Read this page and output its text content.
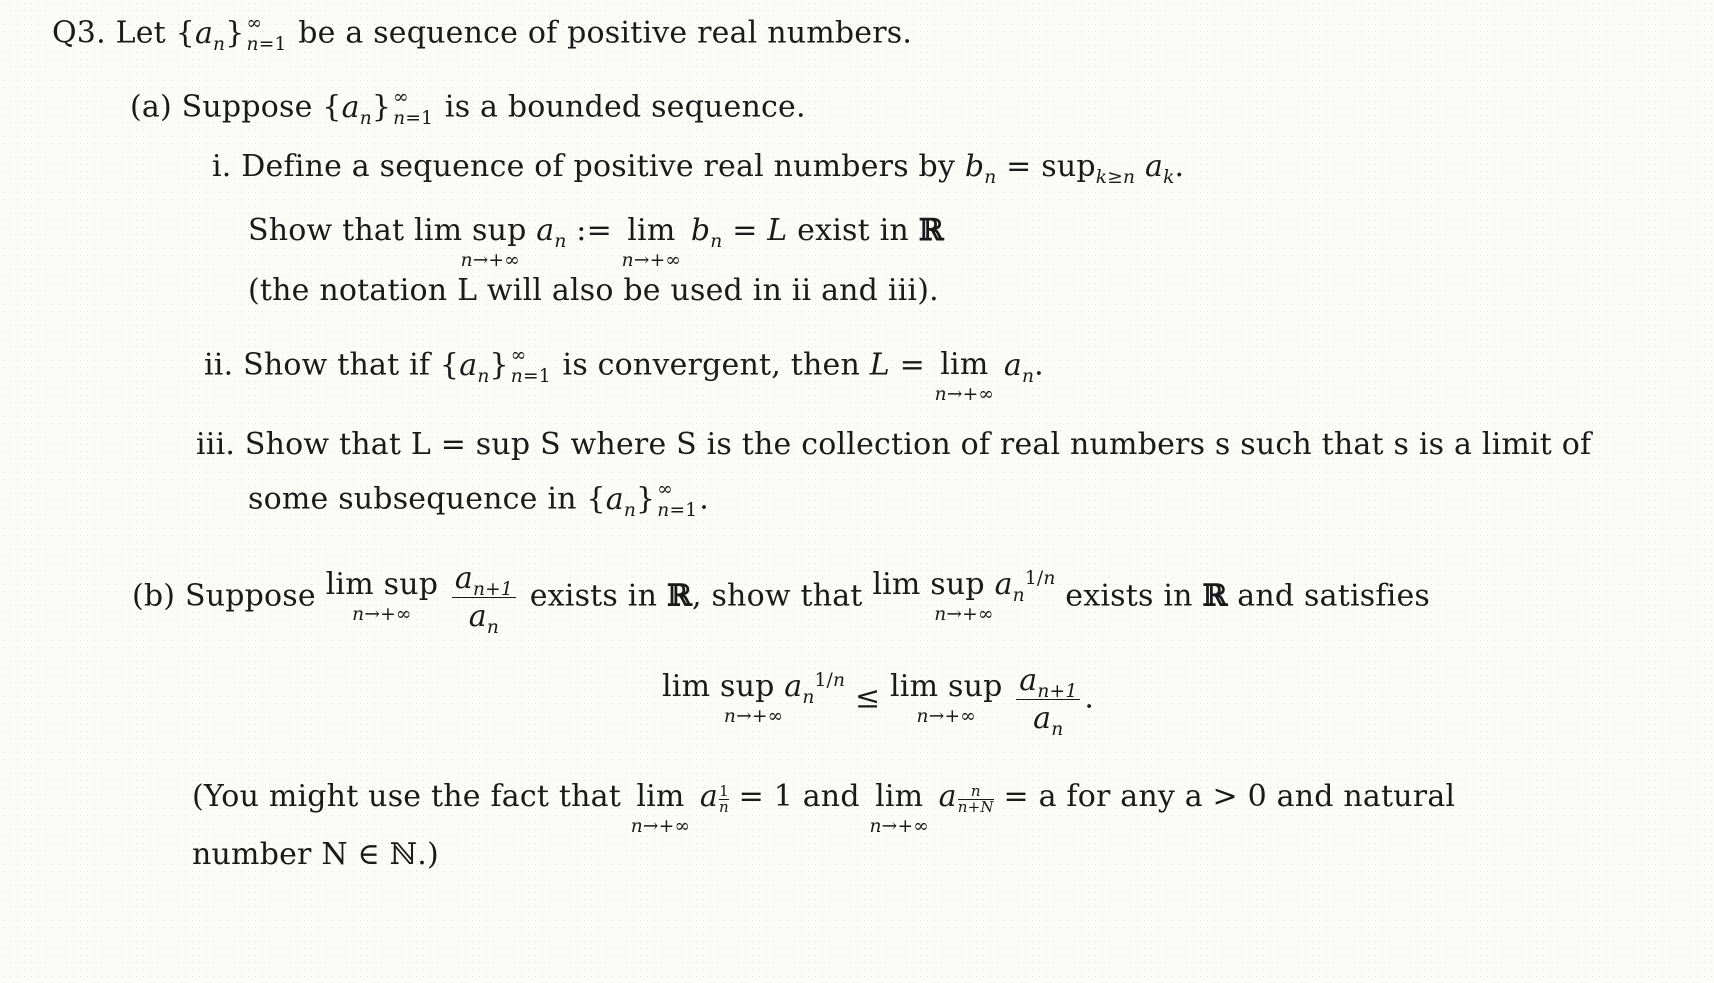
Q3. Let $\{a_n\}$ ∞
n=1 be a sequence of positive real numbers.
(a) Suppose $\{a_n\}$ ∞
n=1 is a bounded sequence.
i. Define a sequence of positive real numbers by $b_n = sup_{k\ge n}$ $a_k$.
Show that lim sup $a_n$
n→+∞
:= lim
n→+∞
$b_n = L$ exist in ℝ
(the notation L will also be used in ii and iii).
ii. Show that if $\{a_n\}$ ∞
n=1 is convergent, then L = lim
n→+∞
$a_n$.
iii. Show that L = sup S where S is the collection of real numbers s such that s is a limit of
some subsequence in $\{a_n\}$ ∞
n=1 .
(b) Suppose lim sup
n→+∞
$\frac{a_{n+1}}{a_n}$ exists in ℝ, show that lim sup $a_n^{1/n}$
n→+∞
exists in ℝ and satisfies
lim sup $a_n^{1/n}$
n→+∞
≤ lim sup
n→+∞
$\frac{a_{n+1}}{a_n}$ .
(You might use the fact that lim
n→+∞
a $\frac{1}{n} = 1$ and lim
n→+∞
a $\frac{n}{n+N} = a$ for any a > 0 and natural
number N ∈ ℕ.)
